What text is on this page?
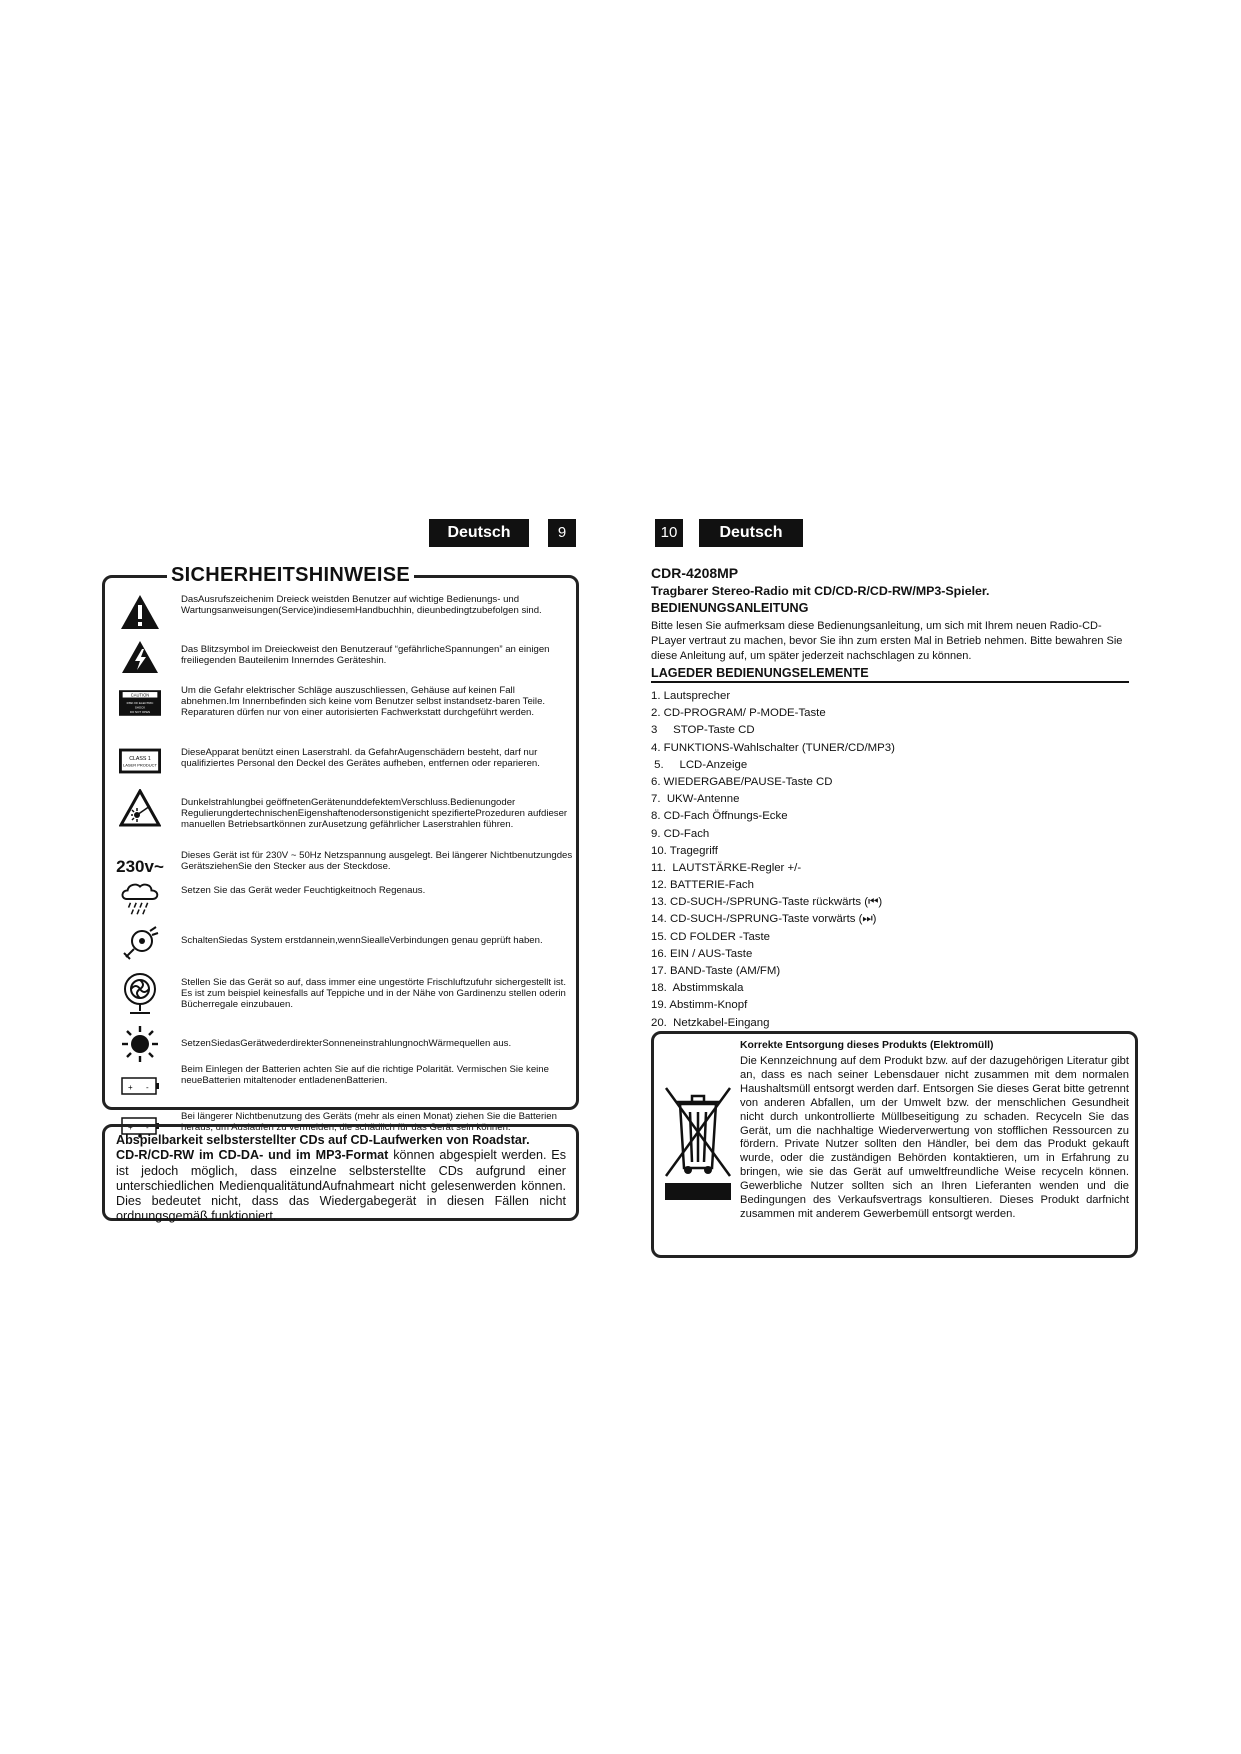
Deutsch	9
SICHERHEITSHINWEISE
DasAusrufszeichenim Dreieck weistden Benutzer auf wichtige Bedienungs- und Wartungsanweisungen(Service)indiesemHandbuchhin, dieunbedingtzubefolgen sind.
Das Blitzsymbol im Dreieckweist den Benutzerauf “gefährlicheSpannungen” an einigen freiliegenden Bauteilenim Innerndes Geräteshin.
CAUTION
RISK OF ELECTRIC
SHOCK
DO NOT OPEN
Um die Gefahr elektrischer Schläge auszuschliessen, Gehäuse auf keinen Fall abnehmen.Im Innernbefinden sich keine vom Benutzer selbst instandsetz-baren Teile. Reparaturen dürfen nur von einer autorisierten Fachwerkstatt durchgeführt werden.
CLASS 1
LASER PRODUCT
DieseApparat benützt einen Laserstrahl. da GefahrAugenschädern besteht, darf nur qualifiziertes Personal den Deckel des Gerätes aufheben, entfernen oder reparieren.
Dunkelstrahlungbei geöffnetenGerätenunddefektemVerschluss.Bedienungoder RegulierungdertechnischenEigenshaftenodersonstigenicht spezifierteProzeduren aufdieser manuellen Betriebsartkönnen zurAusetzung gefährlicher Laserstrahlen führen.
230v~
Dieses Gerät ist für 230V ~ 50Hz Netzspannung ausgelegt. Bei längerer Nichtbenutzungdes GerätsziehenSie den Stecker aus der Steckdose.
Setzen Sie das Gerät weder Feuchtigkeitnoch Regenaus.
SchaltenSiedas System erstdannein,wennSiealleVerbindungen genau geprüft haben.
Stellen Sie das Gerät so auf, dass immer eine ungestörte Frischluftzufuhr sichergestellt ist. Es ist zum beispiel keinesfalls auf Teppiche und in der Nähe von Gardinenzu stellen oderin Bücherregale einzubauen.
SetzenSiedasGerätwederdirekterSonneneinstrahlungnochWärmequellen aus.
+ -
Beim Einlegen der Batterien achten Sie auf die richtige Polarität. Vermischen Sie keine neueBatterien mitaltenoder entladenenBatterien.
+ -
Bei längerer Nichtbenutzung des Geräts (mehr als einen Monat) ziehen Sie die Batterien heraus, um Auslaufen zu vermeiden, die schädlich für das Gerät sein können.
Abspielbarkeit selbsterstellter CDs auf CD-Laufwerken von Roadstar.
CD-R/CD-RW im CD-DA- und im MP3-Format können abgespielt werden. Es ist jedoch möglich, dass einzelne selbsterstellte CDs aufgrund einer unterschiedlichen MedienqualitätundAufnahmeart nicht gelesenwerden können. Dies bedeutet nicht, dass das Wiedergabegerät in diesen Fällen nicht ordnungsgemäß funktioniert.
10	Deutsch
CDR-4208MP
Tragbarer Stereo-Radio mit CD/CD-R/CD-RW/MP3-Spieler.
BEDIENUNGSANLEITUNG
Bitte lesen Sie aufmerksam diese Bedienungsanleitung, um sich mit Ihrem neuen Radio-CD-PLayer vertraut zu machen, bevor Sie ihn zum ersten Mal in Betrieb nehmen. Bitte bewahren Sie diese Anleitung auf, um später jederzeit nachschlagen zu können.
LAGEDER BEDIENUNGSELEMENTE
1. Lautsprecher
2. CD-PROGRAM/ P-MODE-Taste
3     STOP-Taste CD
4. FUNKTIONS-Wahlschalter (TUNER/CD/MP3)
5.     LCD-Anzeige
6. WIEDERGABE/PAUSE-Taste CD
7.  UKW-Antenne
8. CD-Fach Öffnungs-Ecke
9. CD-Fach
10. Tragegriff
11.  LAUTSTÄRKE-Regler +/-
12. BATTERIE-Fach
13. CD-SUCH-/SPRUNG-Taste rückwärts (⏮)
14. CD-SUCH-/SPRUNG-Taste vorwärts (⏭)
15. CD FOLDER -Taste
16. EIN / AUS-Taste
17. BAND-Taste (AM/FM)
18.  Abstimmskala
19. Abstimm-Knopf
20.  Netzkabel-Eingang
Korrekte Entsorgung dieses Produkts (Elektromüll)
Die Kennzeichnung auf dem Produkt bzw. auf der dazugehörigen Literatur gibt an, dass es nach seiner Lebensdauer nicht zusammen mit dem normalen Haushaltsmüll entsorgt werden darf. Entsorgen Sie dieses Gerat bitte getrennt von anderen Abfallen, um der Umwelt bzw. der menschlichen Gesundheit nicht durch unkontrollierte Müllbeseitigung zu schaden. Recyceln Sie das Gerät, um die nachhaltige Wiederverwertung von stofflichen Ressourcen zu fördern. Private Nutzer sollten den Händler, bei dem das Produkt gekauft wurde, oder die zuständigen Behörden kontaktieren, um in Erfahrung zu bringen, wie sie das Gerät auf umweltfreundliche Weise recyceln können. Gewerbliche Nutzer sollten sich an Ihren Lieferanten wenden und die Bedingungen des Verkaufsvertrags konsultieren. Dieses Produkt darfnicht zusammen mit anderem Gewerbemüll entsorgt werden.
